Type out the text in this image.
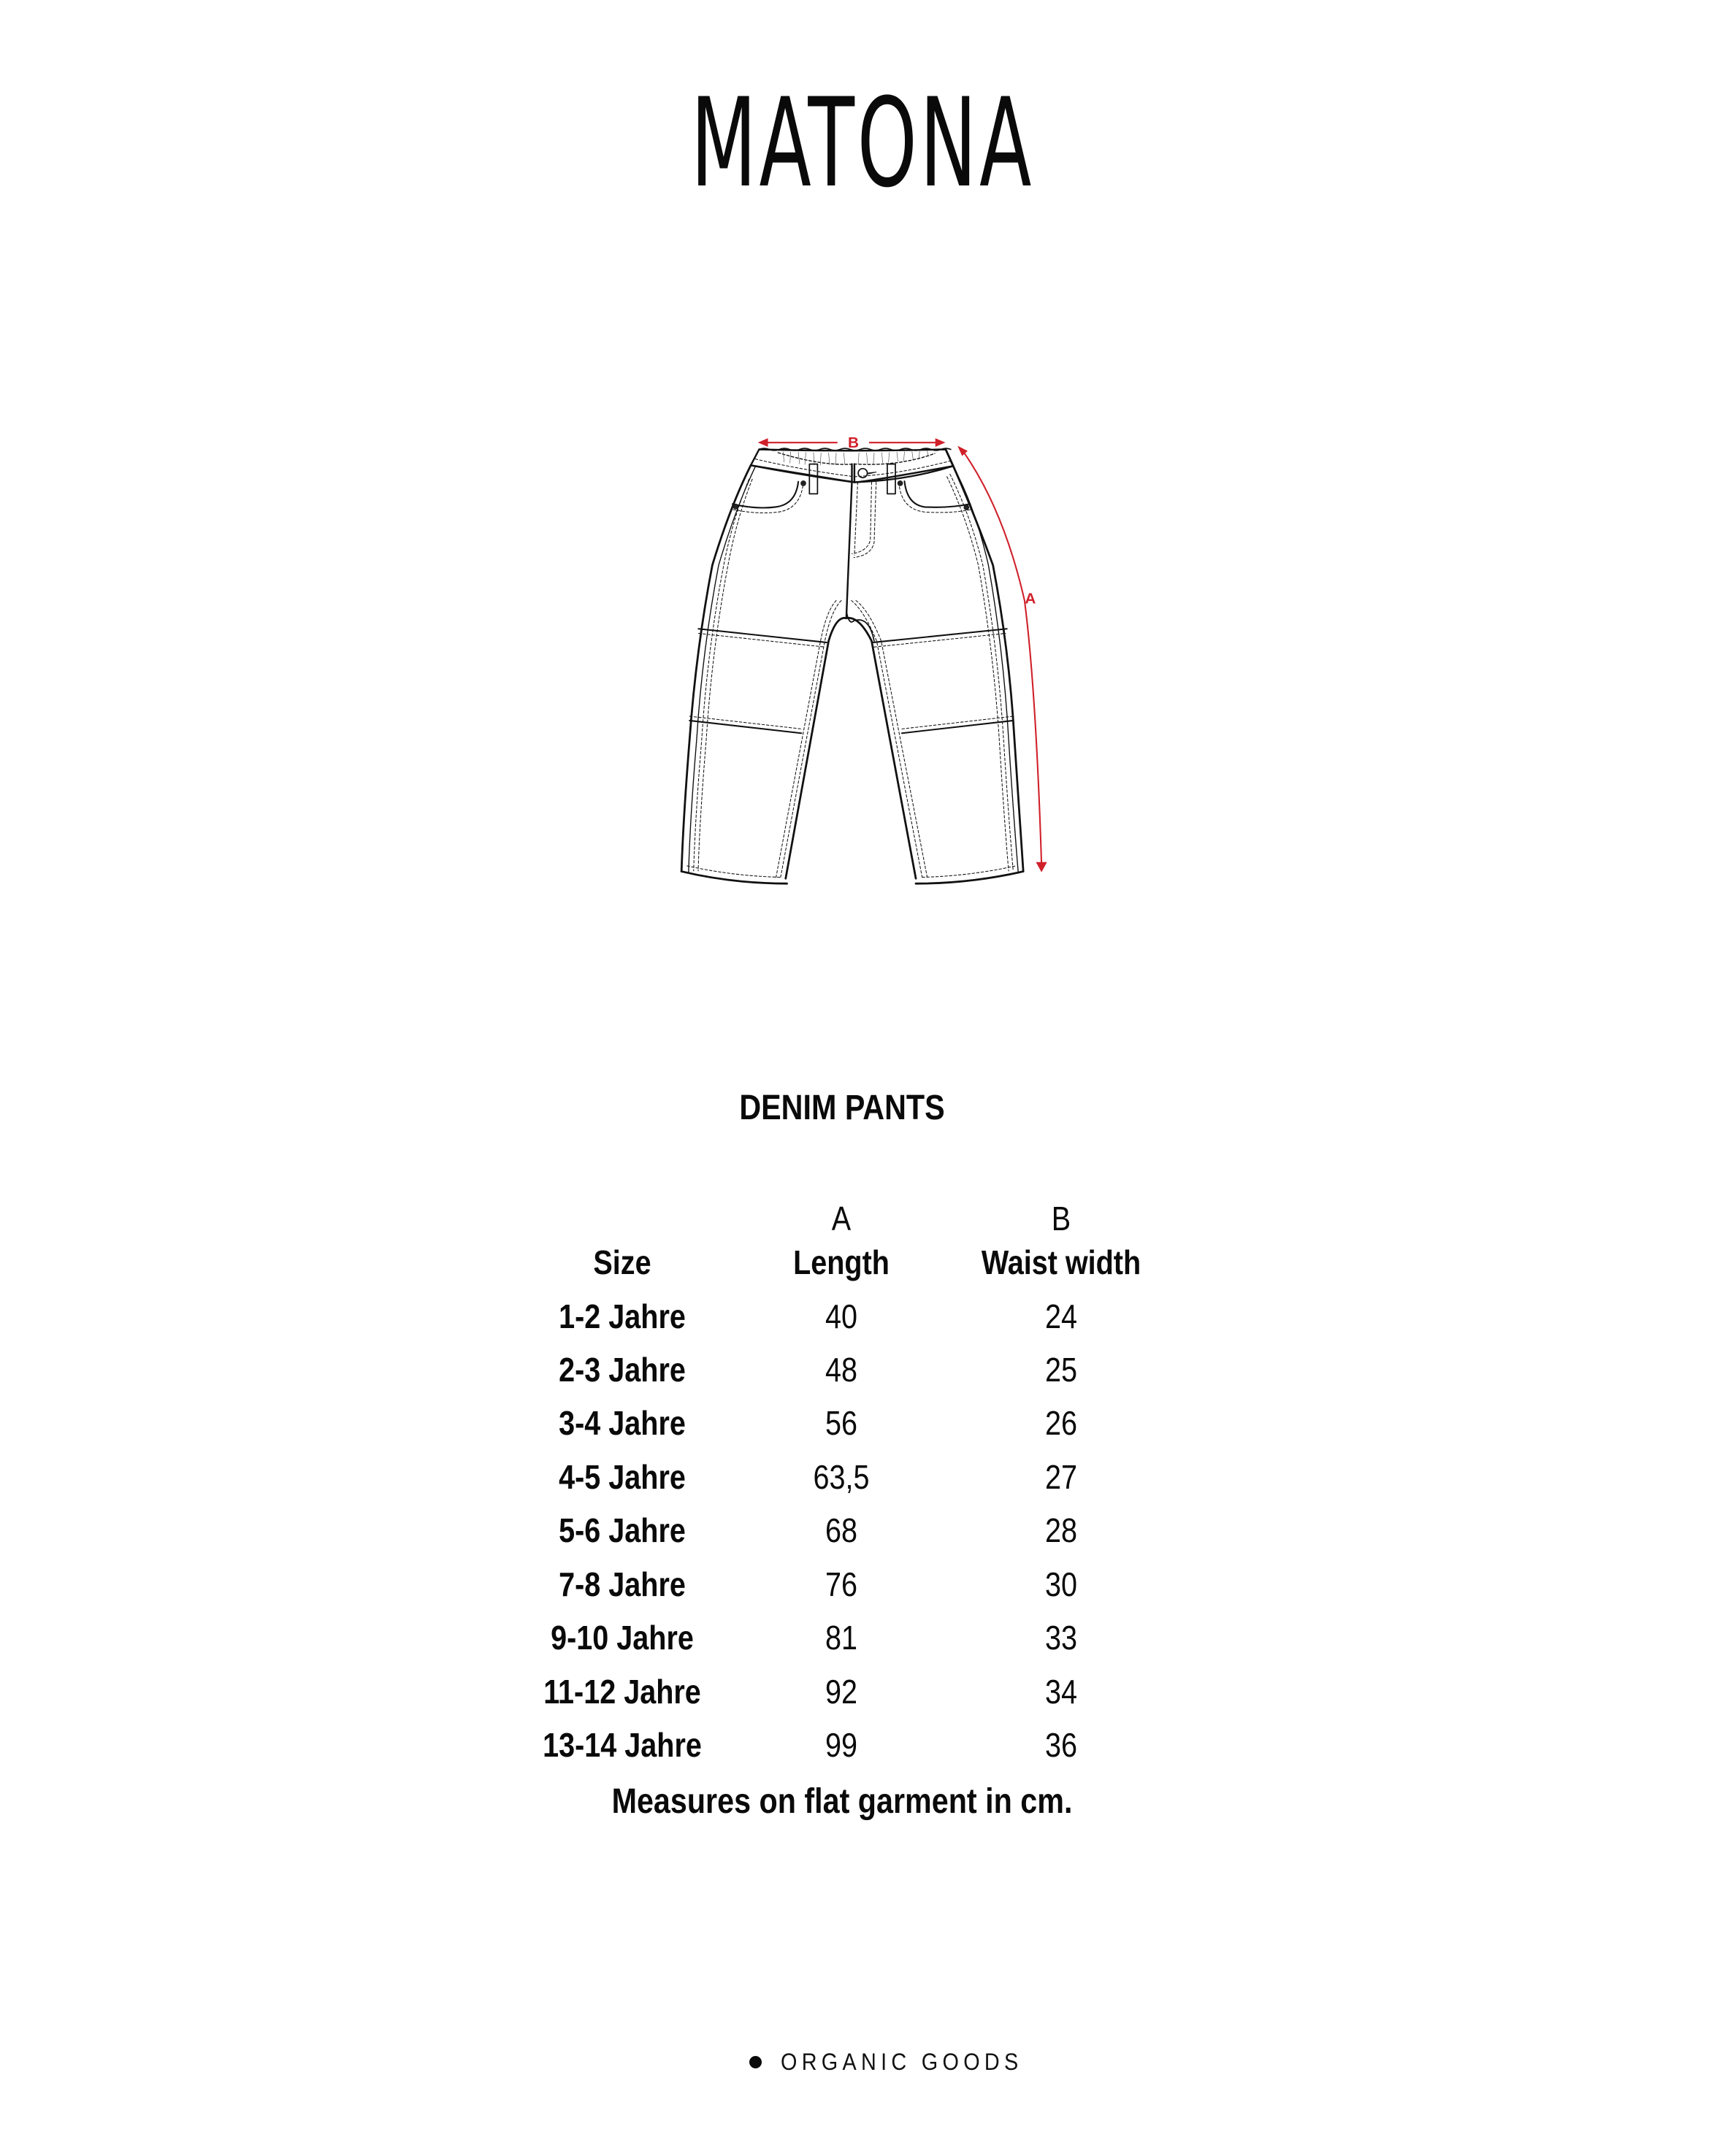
MATONA
B
A
DENIM PANTS
A	B
Size	Length	Waist width
1-2 Jahre	40	24
2-3 Jahre	48	25
3-4 Jahre	56	26
4-5 Jahre	63,5	27
5-6 Jahre	68	28
7-8 Jahre	76	30
9-10 Jahre	81	33
11-12 Jahre	92	34
13-14 Jahre	99	36
Measures on flat garment in cm.
ORGANIC GOODS
